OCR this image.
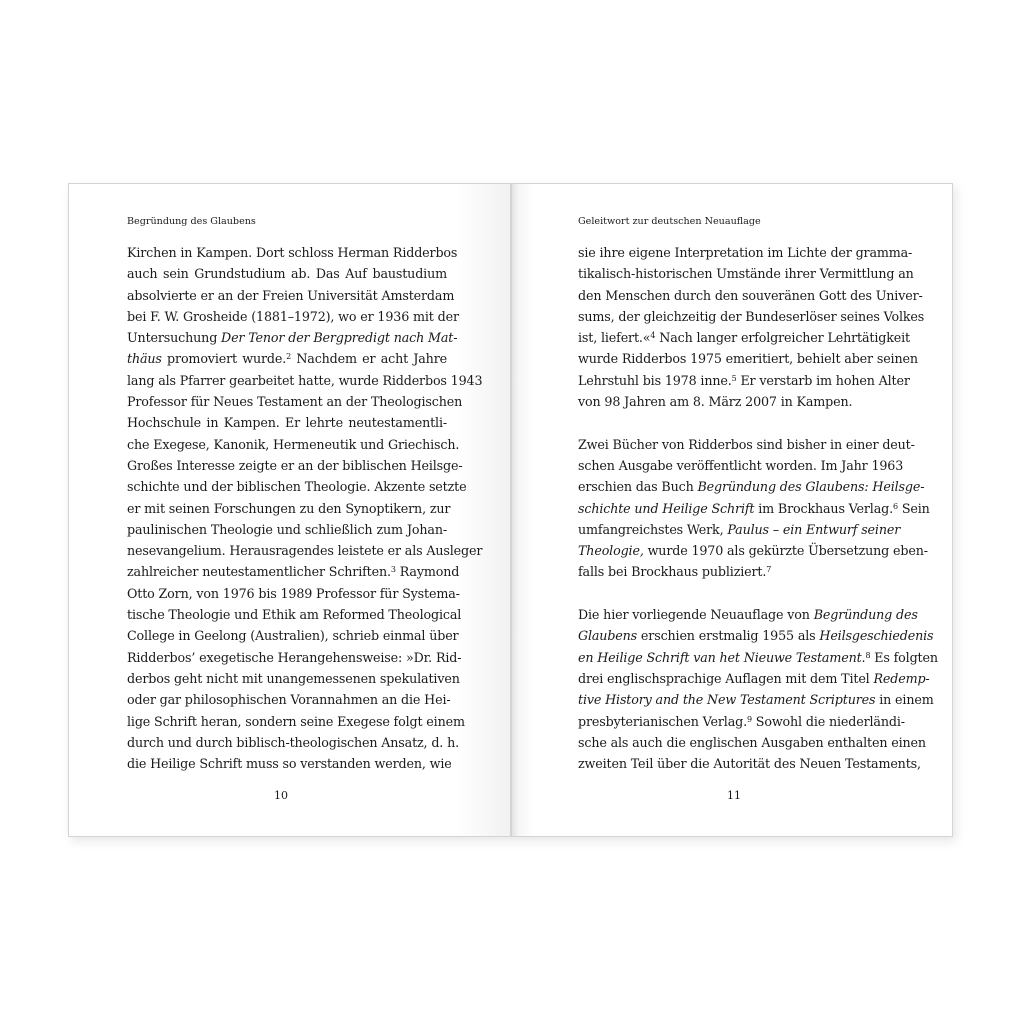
Begründung des Glaubens
Kirchen in Kampen. Dort schloss Herman Ridderbos
auch sein Grundstudium ab. Das Auf baustudium
absolvierte er an der Freien Universität Amsterdam
bei F. W. Grosheide (1881–1972), wo er 1936 mit der
Untersuchung Der Tenor der Bergpredigt nach Mat-
thäus promoviert wurde.$^2$ Nachdem er acht Jahre
lang als Pfarrer gearbeitet hatte, wurde Ridderbos 1943
Professor für Neues Testament an der Theologischen
Hochschule in Kampen. Er lehrte neutestamentli-
che Exegese, Kanonik, Hermeneutik und Griechisch.
Großes Interesse zeigte er an der biblischen Heilsge-
schichte und der biblischen Theologie. Akzente setzte
er mit seinen Forschungen zu den Synoptikern, zur
paulinischen Theologie und schließlich zum Johan-
nesevangelium. Herausragendes leistete er als Ausleger
zahlreicher neutestamentlicher Schriften.$^3$ Raymond
Otto Zorn, von 1976 bis 1989 Professor für Systema-
tische Theologie und Ethik am Reformed Theological
College in Geelong (Australien), schrieb einmal über
Ridderbos’ exegetische Herangehensweise: »Dr. Rid-
derbos geht nicht mit unangemessenen spekulativen
oder gar philosophischen Vorannahmen an die Hei-
lige Schrift heran, sondern seine Exegese folgt einem
durch und durch biblisch-theologischen Ansatz, d. h.
die Heilige Schrift muss so verstanden werden, wie
10
Geleitwort zur deutschen Neuauflage
sie ihre eigene Interpretation im Lichte der gramma-
tikalisch-historischen Umstände ihrer Vermittlung an
den Menschen durch den souveränen Gott des Univer-
sums, der gleichzeitig der Bundeserlöser seines Volkes
ist, liefert.«$^4$ Nach langer erfolgreicher Lehrtätigkeit
wurde Ridderbos 1975 emeritiert, behielt aber seinen
Lehrstuhl bis 1978 inne.$^5$ Er verstarb im hohen Alter
von 98 Jahren am 8. März 2007 in Kampen.
Zwei Bücher von Ridderbos sind bisher in einer deut-
schen Ausgabe veröffentlicht worden. Im Jahr 1963
erschien das Buch Begründung des Glaubens: Heilsge-
schichte und Heilige Schrift im Brockhaus Verlag.$^6$ Sein
umfangreichstes Werk, Paulus – ein Entwurf seiner
Theologie, wurde 1970 als gekürzte Übersetzung eben-
falls bei Brockhaus publiziert.$^7$
Die hier vorliegende Neuauflage von Begründung des
Glaubens erschien erstmalig 1955 als Heilsgeschiedenis
en Heilige Schrift van het Nieuwe Testament.$^8$ Es folgten
drei englischsprachige Auflagen mit dem Titel Redemp-
tive History and the New Testament Scriptures in einem
presbyterianischen Verlag.$^9$ Sowohl die niederländi-
sche als auch die englischen Ausgaben enthalten einen
zweiten Teil über die Autorität des Neuen Testaments,
11
